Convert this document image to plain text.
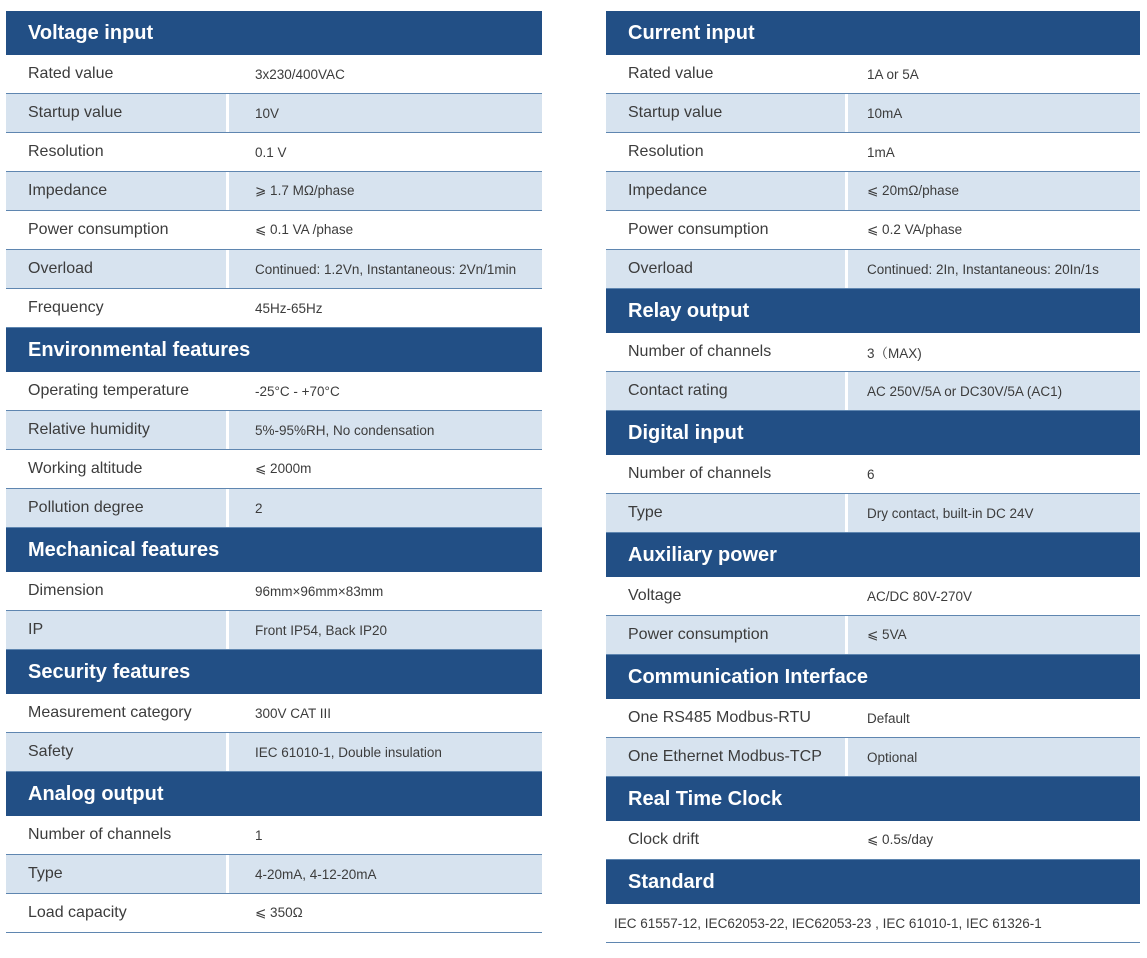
Voltage input
Rated value	3x230/400VAC
Startup value	10V
Resolution	0.1 V
Impedance	⩾ 1.7 MΩ/phase
Power consumption	⩽ 0.1 VA /phase
Overload	Continued: 1.2Vn, Instantaneous: 2Vn/1min
Frequency	45Hz-65Hz
Environmental features
Operating temperature	-25°C - +70°C
Relative humidity	5%-95%RH, No condensation
Working altitude	⩽ 2000m
Pollution degree	2
Mechanical features
Dimension	96mm×96mm×83mm
IP	Front IP54, Back IP20
Security features
Measurement category	300V CAT III
Safety	IEC 61010-1, Double insulation
Analog output
Number of channels	1
Type	4-20mA, 4-12-20mA
Load capacity	⩽ 350Ω
Current input
Rated value	1A or 5A
Startup value	10mA
Resolution	1mA
Impedance	⩽ 20mΩ/phase
Power consumption	⩽ 0.2 VA/phase
Overload	Continued: 2In, Instantaneous: 20In/1s
Relay output
Number of channels	3（MAX)
Contact rating	AC 250V/5A or DC30V/5A (AC1)
Digital input
Number of channels	6
Type	Dry contact, built-in DC 24V
Auxiliary power
Voltage	AC/DC 80V-270V
Power consumption	⩽ 5VA
Communication Interface
One RS485 Modbus-RTU	Default
One Ethernet Modbus-TCP	Optional
Real Time Clock
Clock drift	⩽ 0.5s/day
Standard
IEC 61557-12, IEC62053-22, IEC62053-23 , IEC 61010-1, IEC 61326-1
